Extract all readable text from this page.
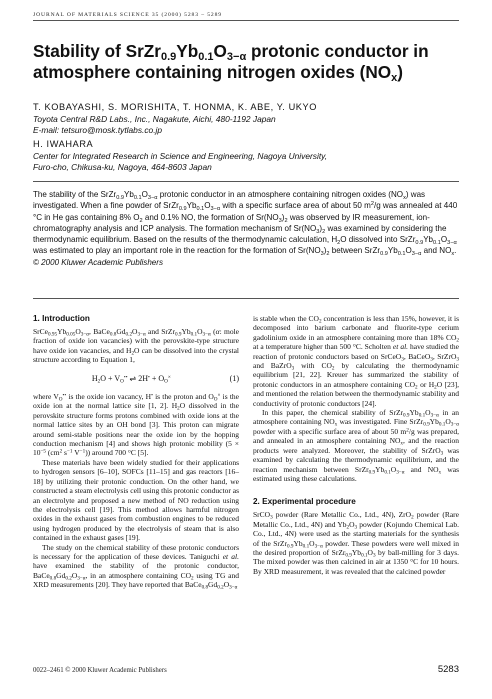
JOURNAL OF MATERIALS SCIENCE 35 (2000) 5283 – 5289
Stability of $SrZr_{0.9}Yb_{0.1}O_{3-\alpha}$ protonic conductor in
atmosphere containing nitrogen oxides $(NO_x)$
T. KOBAYASHI, S. MORISHITA, T. HONMA, K. ABE, Y. UKYO
Toyota Central R&D Labs., Inc., Nagakute, Aichi, 480-1192 Japan
E-mail: tetsuro@mosk.tytlabs.co.jp
H. IWAHARA
Center for Integrated Research in Science and Engineering, Nagoya University,
Furo-cho, Chikusa-ku, Nagoya, 464-8603 Japan
The stability of the $SrZr_{0.9}Yb_{0.1}O_{3-\alpha}$ protonic conductor in an atmosphere containing nitrogen oxides $(NO_x)$ was investigated. When a fine powder of $SrZr_{0.9}Yb_{0.1}O_{3-\alpha}$ with a specific surface area of about 50 $m^2/g$ was annealed at 440 °C in He gas containing 8% $O_2$ and 0.1% NO, the formation of $Sr(NO_3)_2$ was observed by IR measurement, ion-chromatography analysis and ICP analysis. The formation mechanism of $Sr(NO_3)_2$ was examined by considering the thermodynamic equilibrium. Based on the results of the thermodynamic calculation, $H_2O$ dissolved into $SrZr_{0.9}Yb_{0.1}O_{3-\alpha}$ was estimated to play an important role in the reaction for the formation of $Sr(NO_3)_2$ between $SrZr_{0.9}Yb_{0.1}O_{3-\alpha}$ and $NO_x$. © 2000 Kluwer Academic Publishers
1. Introduction

$SrCe_{0.95}Yb_{0.05}O_{3-\alpha}$, $BaCe_{0.8}Gd_{0.2}O_{3-\alpha}$ and $SrZr_{0.9}Yb_{0.1}O_{3-\alpha}$ (α: mole fraction of oxide ion vacancies) with the perovskite-type structure have oxide ion vacancies, and $H_2O$ can be dissolved into the crystal structure according to Equation 1,

$H_2O + V_O^{••}$ ⇌ $2H^• + O_O^\times$	(1)

where $V_O^{••}$ is the oxide ion vacancy, H• is the proton and $O_O^\times$ is the oxide ion at the normal lattice site [1, 2]. $H_2O$ dissolved in the perovskite structure forms protons combined with oxide ions at the normal lattice sites by an OH bond [3]. This proton can migrate around semi-stable positions near the oxide ion by the hopping conduction mechanism [4] and shows high protonic mobility ($5 \times 10^{-5}$ ($cm^2$ $s^{-1}$ $V^{-1}$)) around 700 °C [5].

These materials have been widely studied for their applications to hydrogen sensors [6–10], SOFCs [11–15] and gas reactors [16–18] by utilizing their protonic conduction. On the other hand, we constructed a steam electrolysis cell using this protonic conductor as an electrolyte and proposed a new method of NO reduction using the electrolysis cell [19]. This method allows harmful nitrogen oxides in the exhaust gases from combustion engines to be reduced using hydrogen produced by the electrolysis of steam that is also contained in the exhaust gases [19].

The study on the chemical stability of these protonic conductors is necessary for the application of these devices. Taniguchi et al. have examined the stability of the protonic conductor, $BaCe_{0.8}Gd_{0.2}O_{3-\alpha}$, in an atmosphere containing $CO_2$ using TG and XRD measurements [20]. They have reported that $BaCe_{0.8}Gd_{0.2}O_{3-\alpha}$

is stable when the $CO_2$ concentration is less than 15%, however, it is decomposed into barium carbonate and fluorite-type cerium gadolinium oxide in an atmosphere containing more than 18% $CO_2$ at a temperature higher than 500 °C. Scholten et al. have studied the reaction of protonic conductors based on SrCeO$_3$, BaCeO$_3$, SrZrO$_3$ and BaZrO$_3$ with $CO_2$ by calculating the thermodynamic equilibrium [21, 22]. Kreuer has summarized the stability of protonic conductors in an atmosphere containing $CO_2$ or $H_2O$ [23], and mentioned the relation between the thermodynamic stability and conductivity of protonic conductors [24].

In this paper, the chemical stability of $SrZr_{0.9}Yb_{0.1}O_{3-\alpha}$ in an atmosphere containing $NO_x$ was investigated. Fine $SrZr_{0.9}Yb_{0.1}O_{3-\alpha}$ powder with a specific surface area of about 50 $m^2/g$ was prepared, and annealed in an atmosphere containing $NO_x$, and the reaction products were analyzed. Moreover, the stability of SrZrO$_3$ was examined by calculating the thermodynamic equilibrium, and the reaction mechanism between $SrZr_{0.9}Yb_{0.1}O_{3-\alpha}$ and $NO_x$ was estimated using these calculations.

2. Experimental procedure

SrCO$_3$ powder (Rare Metallic Co., Ltd., 4N), ZrO$_2$ powder (Rare Metallic Co., Ltd., 4N) and $Yb_2O_3$ powder (Kojundo Chemical Lab. Co., Ltd., 4N) were used as the starting materials for the synthesis of the $SrZr_{0.9}Yb_{0.1}O_{3-\alpha}$ powder. These powders were well mixed in the desired proportion of $SrZr_{0.9}Yb_{0.1}O_3$ by ball-milling for 3 days. The mixed powder was then calcined in air at 1350 °C for 10 hours. By XRD measurement, it was revealed that the calcined powder

0022–2461 © 2000 Kluwer Academic Publishers	5283
